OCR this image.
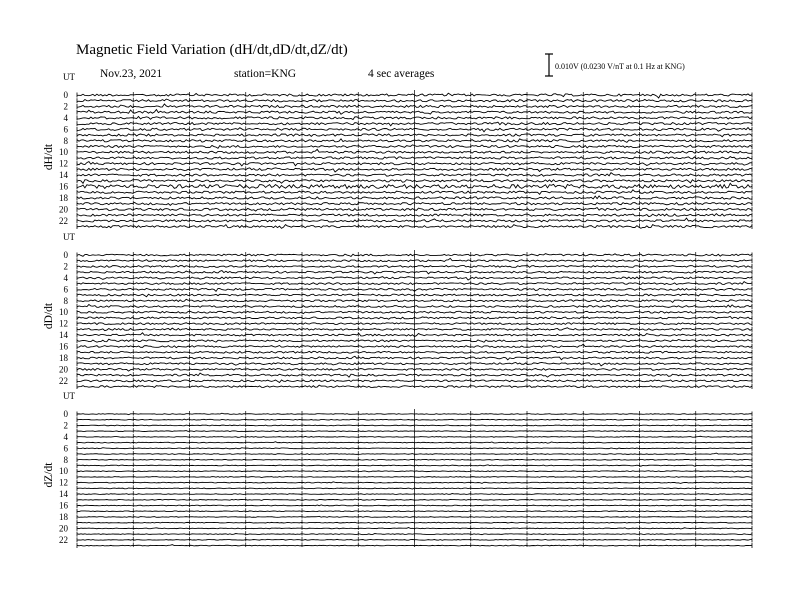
Magnetic Field Variation (dH/dt,dD/dt,dZ/dt)
Nov.23, 2021	station=KNG	4 sec averages
0.010V (0.0230 V/nT at 0.1 Hz at KNG)
UT
dH/dt
0
2
4
6
8
10
12
14
16
18
20
22
UT
dD/dt
0
2
4
6
8
10
12
14
16
18
20
22
UT
dZ/dt
0
2
4
6
8
10
12
14
16
18
20
22
